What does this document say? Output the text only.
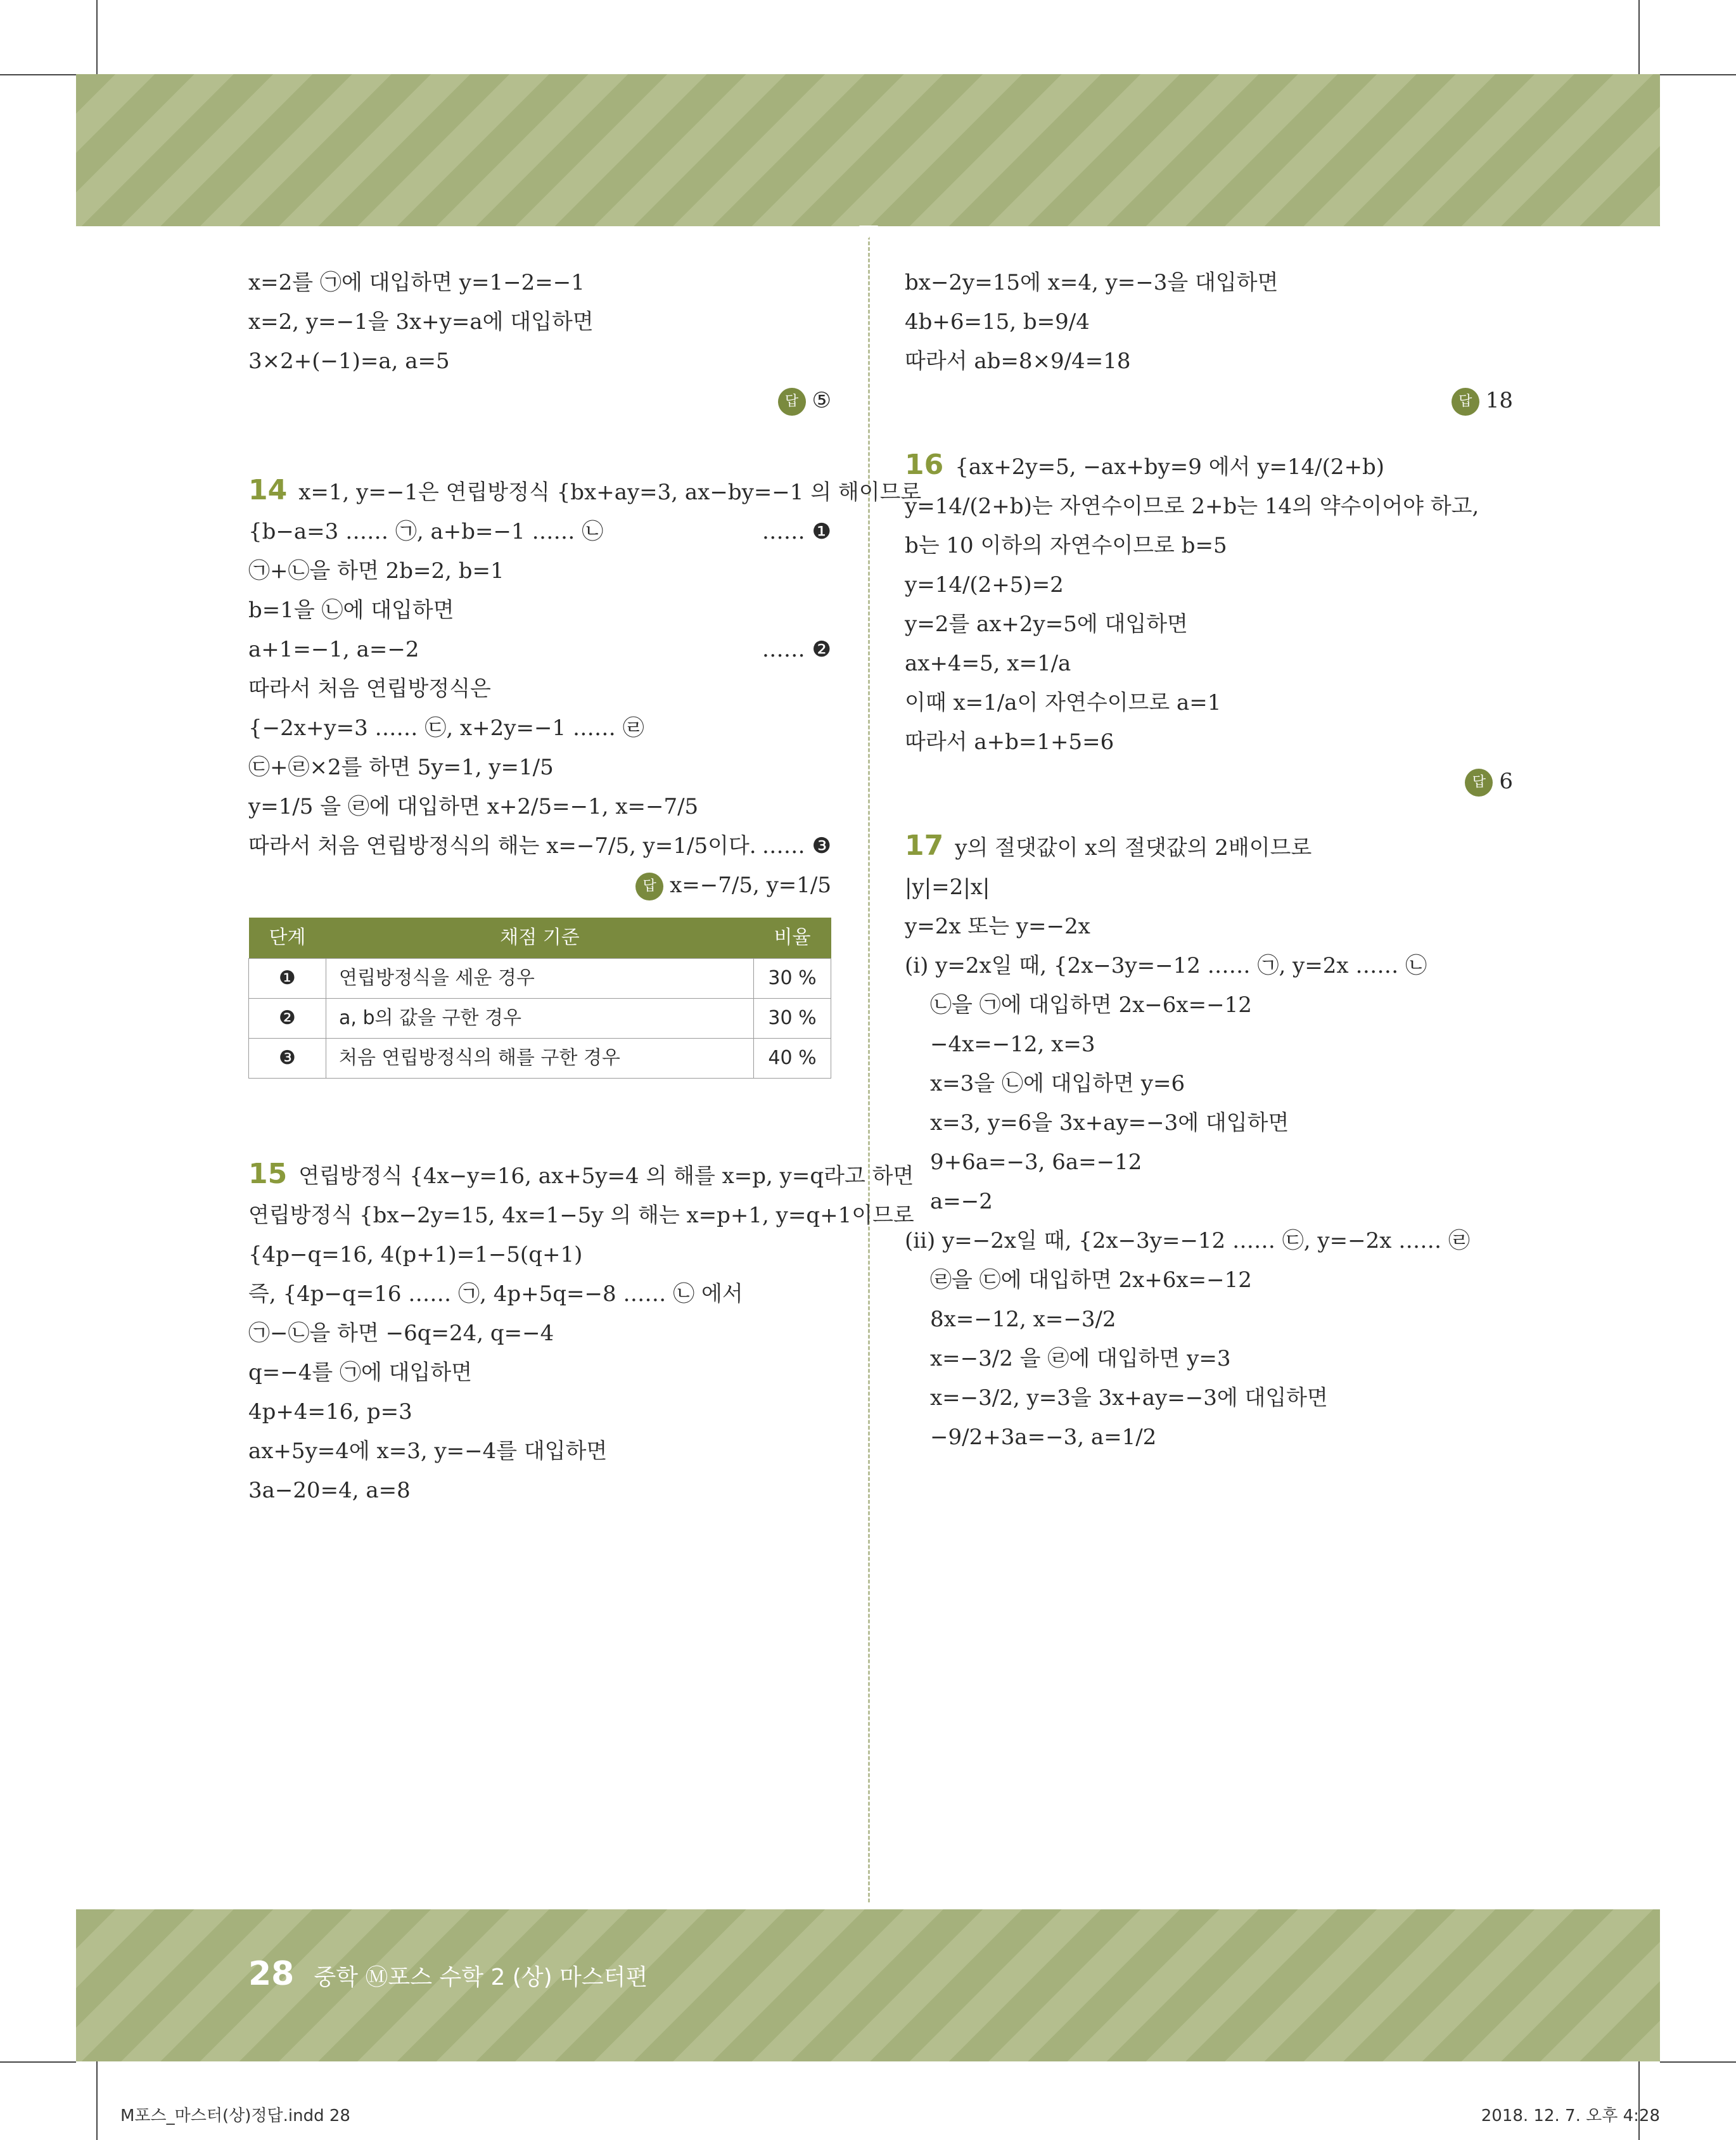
x=2를 ㉠에 대입하면 y=1−2=−1
x=2, y=−1을 3x+y=a에 대입하면
3×2+(−1)=a, a=5
답 ⑤
14 x=1, y=−1은 연립방정식 {bx+ay=3, ax−by=−1 의 해이므로
{b−a=3 …… ㉠, a+b=−1 …… ㉡	…… ❶
㉠+㉡을 하면 2b=2, b=1
b=1을 ㉡에 대입하면
a+1=−1, a=−2	…… ❷
따라서 처음 연립방정식은
{−2x+y=3 …… ㉢, x+2y=−1 …… ㉣
㉢+㉣×2를 하면 5y=1, y=1/5
y=1/5 을 ㉣에 대입하면 x+2/5=−1, x=−7/5
따라서 처음 연립방정식의 해는 x=−7/5, y=1/5이다. …… ❸
답 x=−7/5, y=1/5
단계	채점 기준	비율
❶	연립방정식을 세운 경우	30 %
❷	a, b의 값을 구한 경우	30 %
❸	처음 연립방정식의 해를 구한 경우	40 %
15 연립방정식 {4x−y=16, ax+5y=4 의 해를 x=p, y=q라고 하면
연립방정식 {bx−2y=15, 4x=1−5y 의 해는 x=p+1, y=q+1이므로
{4p−q=16, 4(p+1)=1−5(q+1)
즉, {4p−q=16 …… ㉠, 4p+5q=−8 …… ㉡ 에서
㉠−㉡을 하면 −6q=24, q=−4
q=−4를 ㉠에 대입하면
4p+4=16, p=3
ax+5y=4에 x=3, y=−4를 대입하면
3a−20=4, a=8
bx−2y=15에 x=4, y=−3을 대입하면
4b+6=15, b=9/4
따라서 ab=8×9/4=18
답 18
16 {ax+2y=5, −ax+by=9 에서 y=14/(2+b)
y=14/(2+b)는 자연수이므로 2+b는 14의 약수이어야 하고,
b는 10 이하의 자연수이므로 b=5
y=14/(2+5)=2
y=2를 ax+2y=5에 대입하면
ax+4=5, x=1/a
이때 x=1/a이 자연수이므로 a=1
따라서 a+b=1+5=6
답 6
17 y의 절댓값이 x의 절댓값의 2배이므로
|y|=2|x|
y=2x 또는 y=−2x
(ⅰ) y=2x일 때, {2x−3y=−12 …… ㉠, y=2x …… ㉡
㉡을 ㉠에 대입하면 2x−6x=−12
−4x=−12, x=3
x=3을 ㉡에 대입하면 y=6
x=3, y=6을 3x+ay=−3에 대입하면
9+6a=−3, 6a=−12
a=−2
(ⅱ) y=−2x일 때, {2x−3y=−12 …… ㉢, y=−2x …… ㉣
㉣을 ㉢에 대입하면 2x+6x=−12
8x=−12, x=−3/2
x=−3/2 을 ㉣에 대입하면 y=3
x=−3/2, y=3을 3x+ay=−3에 대입하면
−9/2+3a=−3, a=1/2
28 중학 Ⓜ포스 수학 2 (상) 마스터편
M포스_마스터(상)정답.indd 28	2018. 12. 7. 오후 4:28
